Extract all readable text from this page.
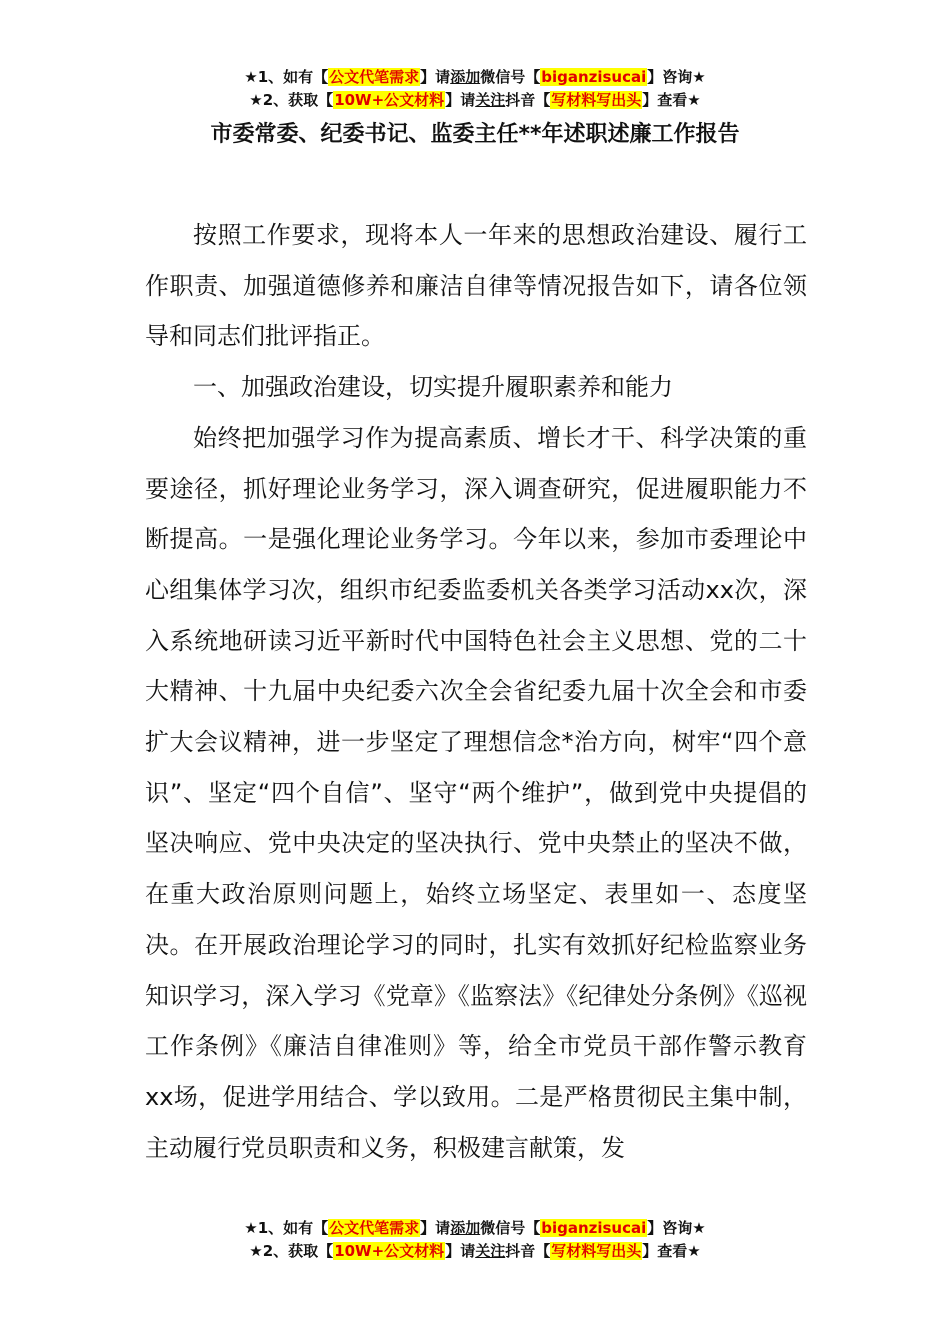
★1、如有【公文代笔需求】请添加微信号【biganzisucai】咨询★
★2、获取【10W+公文材料】请关注抖音【写材料写出头】查看★
市委常委、纪委书记、监委主任**年述职述廉工作报告

按照工作要求，现将本人一年来的思想政治建设、履行工作职责、加强道德修养和廉洁自律等情况报告如下，请各位领导和同志们批评指正。

一、加强政治建设，切实提升履职素养和能力

始终把加强学习作为提高素质、增长才干、科学决策的重要途径，抓好理论业务学习，深入调查研究，促进履职能力不断提高。一是强化理论业务学习。今年以来，参加市委理论中心组集体学习次，组织市纪委监委机关各类学习活动xx次，深入系统地研读习近平新时代中国特色社会主义思想、党的二十大精神、十九届中央纪委六次全会省纪委九届十次全会和市委扩大会议精神，进一步坚定了理想信念*治方向，树牢“四个意识”、坚定“四个自信”、坚守“两个维护”，做到党中央提倡的坚决响应、党中央决定的坚决执行、党中央禁止的坚决不做，在重大政治原则问题上，始终立场坚定、表里如一、态度坚决。在开展政治理论学习的同时，扎实有效抓好纪检监察业务知识学习，深入学习《党章》《监察法》《纪律处分条例》《巡视工作条例》《廉洁自律准则》等，给全市党员干部作警示教育xx场，促进学用结合、学以致用。二是严格贯彻民主集中制，主动履行党员职责和义务，积极建言献策，发

★1、如有【公文代笔需求】请添加微信号【biganzisucai】咨询★
★2、获取【10W+公文材料】请关注抖音【写材料写出头】查看★
